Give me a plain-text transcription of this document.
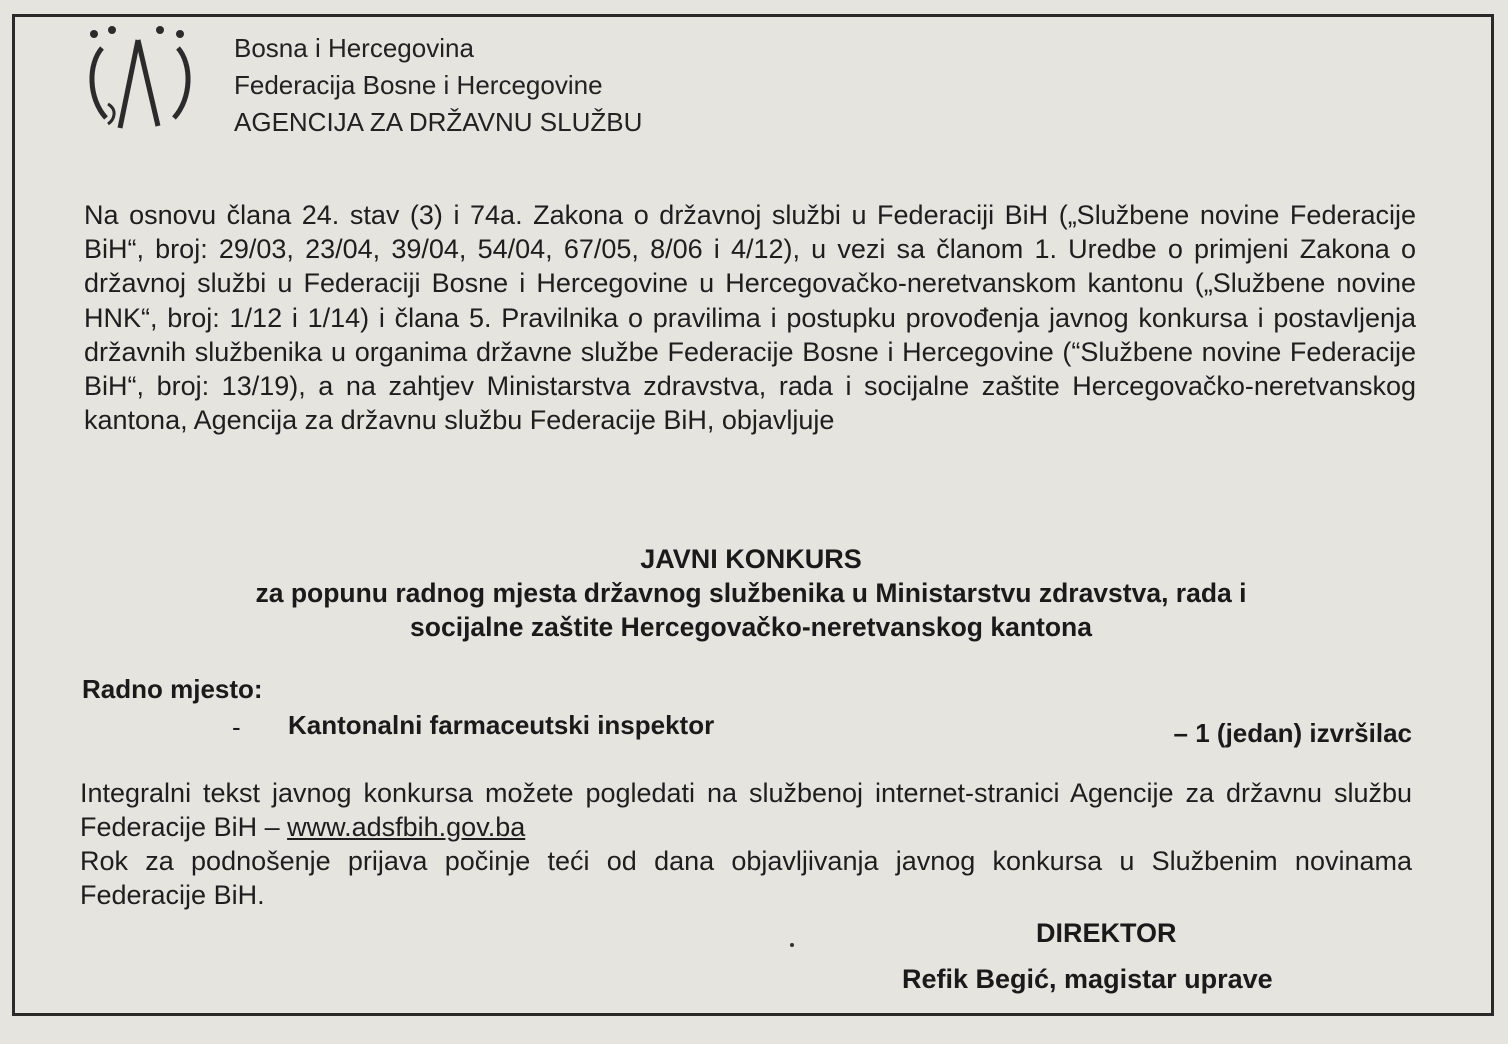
Bosna i Hercegovina
Federacija Bosne i Hercegovine
AGENCIJA ZA DRŽAVNU SLUŽBU
Na osnovu člana 24. stav (3) i 74a. Zakona o državnoj službi u Federaciji BiH („Službene novine Federacije BiH“, broj: 29/03, 23/04, 39/04, 54/04, 67/05, 8/06 i 4/12), u vezi sa članom 1. Uredbe o primjeni Zakona o državnoj službi u Federaciji Bosne i Hercegovine u Hercegovačko-neretvanskom kantonu („Službene novine HNK“, broj: 1/12 i 1/14) i člana 5. Pravilnika o pravilima i postupku provođenja javnog konkursa i postavljenja državnih službenika u organima državne službe Federacije Bosne i Hercegovine (“Službene novine Federacije BiH“, broj: 13/19), a na zahtjev Ministarstva zdravstva, rada i socijalne zaštite Hercegovačko-neretvanskog kantona, Agencija za državnu službu Federacije BiH, objavljuje
JAVNI KONKURS
za popunu radnog mjesta državnog službenika u Ministarstvu zdravstva, rada i
socijalne zaštite Hercegovačko-neretvanskog kantona
Radno mjesto:
- Kantonalni farmaceutski inspektor	– 1 (jedan) izvršilac
Integralni tekst javnog konkursa možete pogledati na službenoj internet-stranici Agencije za državnu službu Federacije BiH – www.adsfbih.gov.ba
Rok za podnošenje prijava počinje teći od dana objavljivanja javnog konkursa u Službenim novinama Federacije BiH.
DIREKTOR
Refik Begić, magistar uprave
